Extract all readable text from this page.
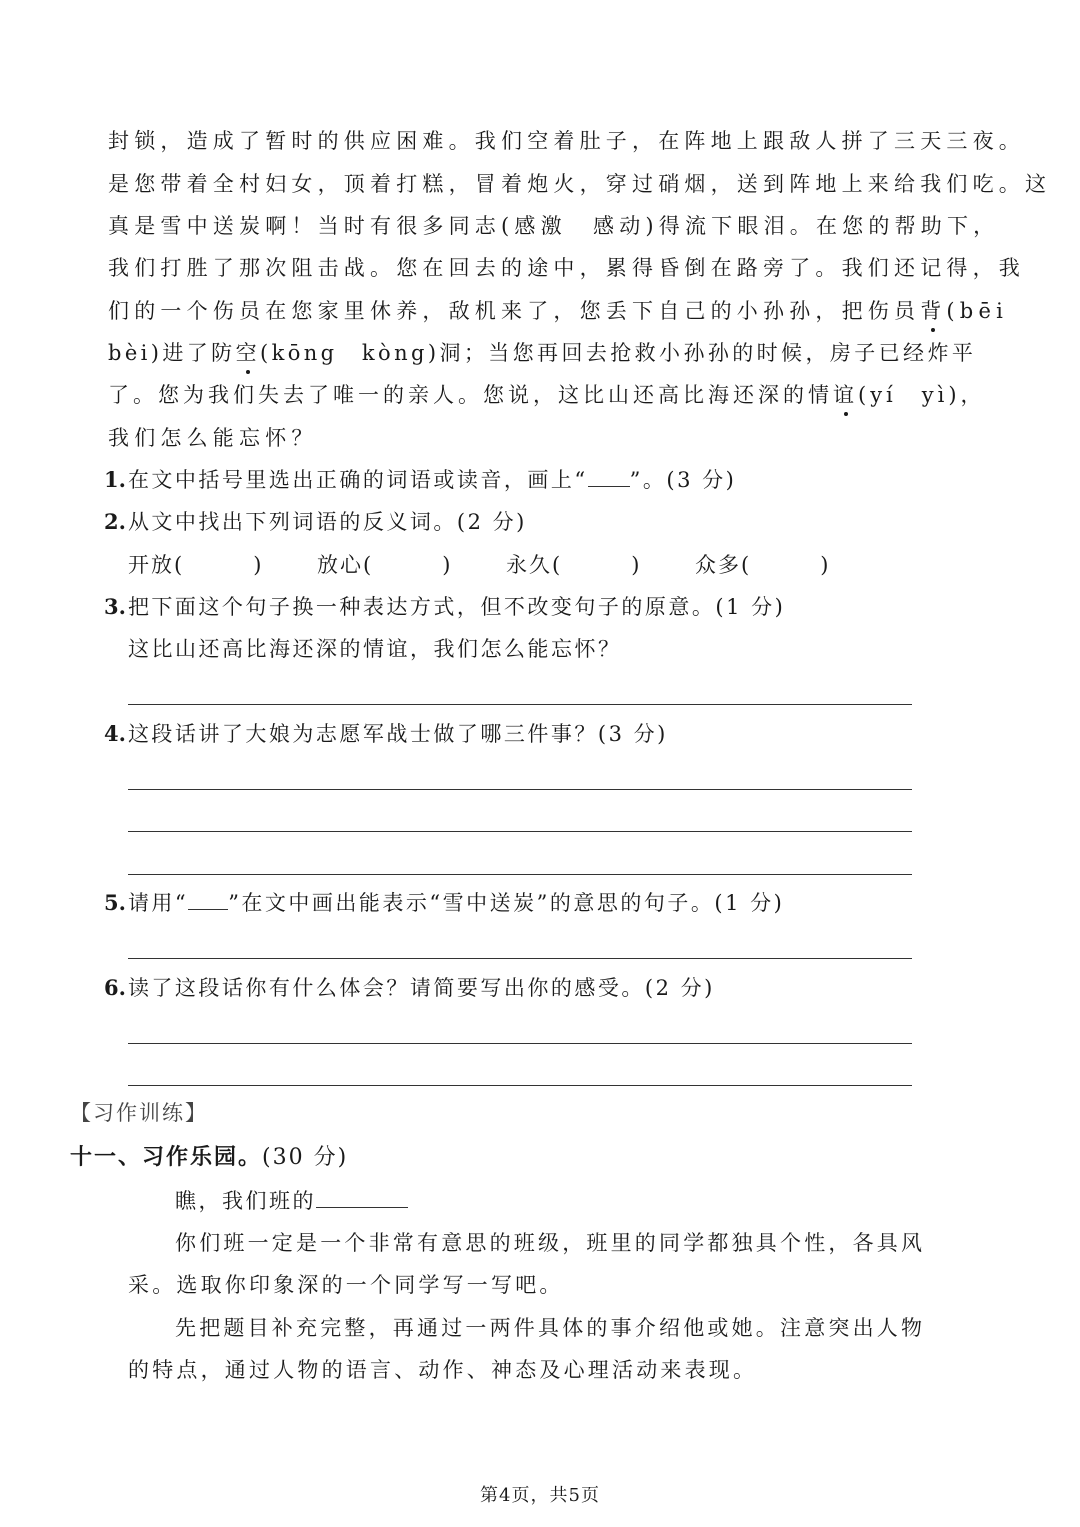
封锁，造成了暂时的供应困难。我们空着肚子，在阵地上跟敌人拼了三天三夜。
是您带着全村妇女，顶着打糕，冒着炮火，穿过硝烟，送到阵地上来给我们吃。这
真是雪中送炭啊！当时有很多同志(感激　感动)得流下眼泪。在您的帮助下，
我们打胜了那次阻击战。您在回去的途中，累得昏倒在路旁了。我们还记得，我
们的一个伤员在您家里休养，敌机来了，您丢下自己的小孙孙，把伤员背(bēi
bèi)进了防空(kōng　kòng)洞；当您再回去抢救小孙孙的时候，房子已经炸平
了。您为我们失去了唯一的亲人。您说，这比山还高比海还深的情谊(yí　yì)，
我们怎么能忘怀？
1.在文中括号里选出正确的词语或读音，画上“ ”。(3 分)
2.从文中找出下列词语的反义词。(2 分)
开放(　　　)	放心(　　　)	永久(　　　)	众多(　　　)
3.把下面这个句子换一种表达方式，但不改变句子的原意。(1 分)
这比山还高比海还深的情谊，我们怎么能忘怀？
4.这段话讲了大娘为志愿军战士做了哪三件事？(3 分)
5.请用“ ”在文中画出能表示“雪中送炭”的意思的句子。(1 分)
6.读了这段话你有什么体会？请简要写出你的感受。(2 分)
【习作训练】
十一、习作乐园。(30 分)
瞧，我们班的
你们班一定是一个非常有意思的班级，班里的同学都独具个性，各具风
采。选取你印象深的一个同学写一写吧。
先把题目补充完整，再通过一两件具体的事介绍他或她。注意突出人物
的特点，通过人物的语言、动作、神态及心理活动来表现。
第4页，共5页
